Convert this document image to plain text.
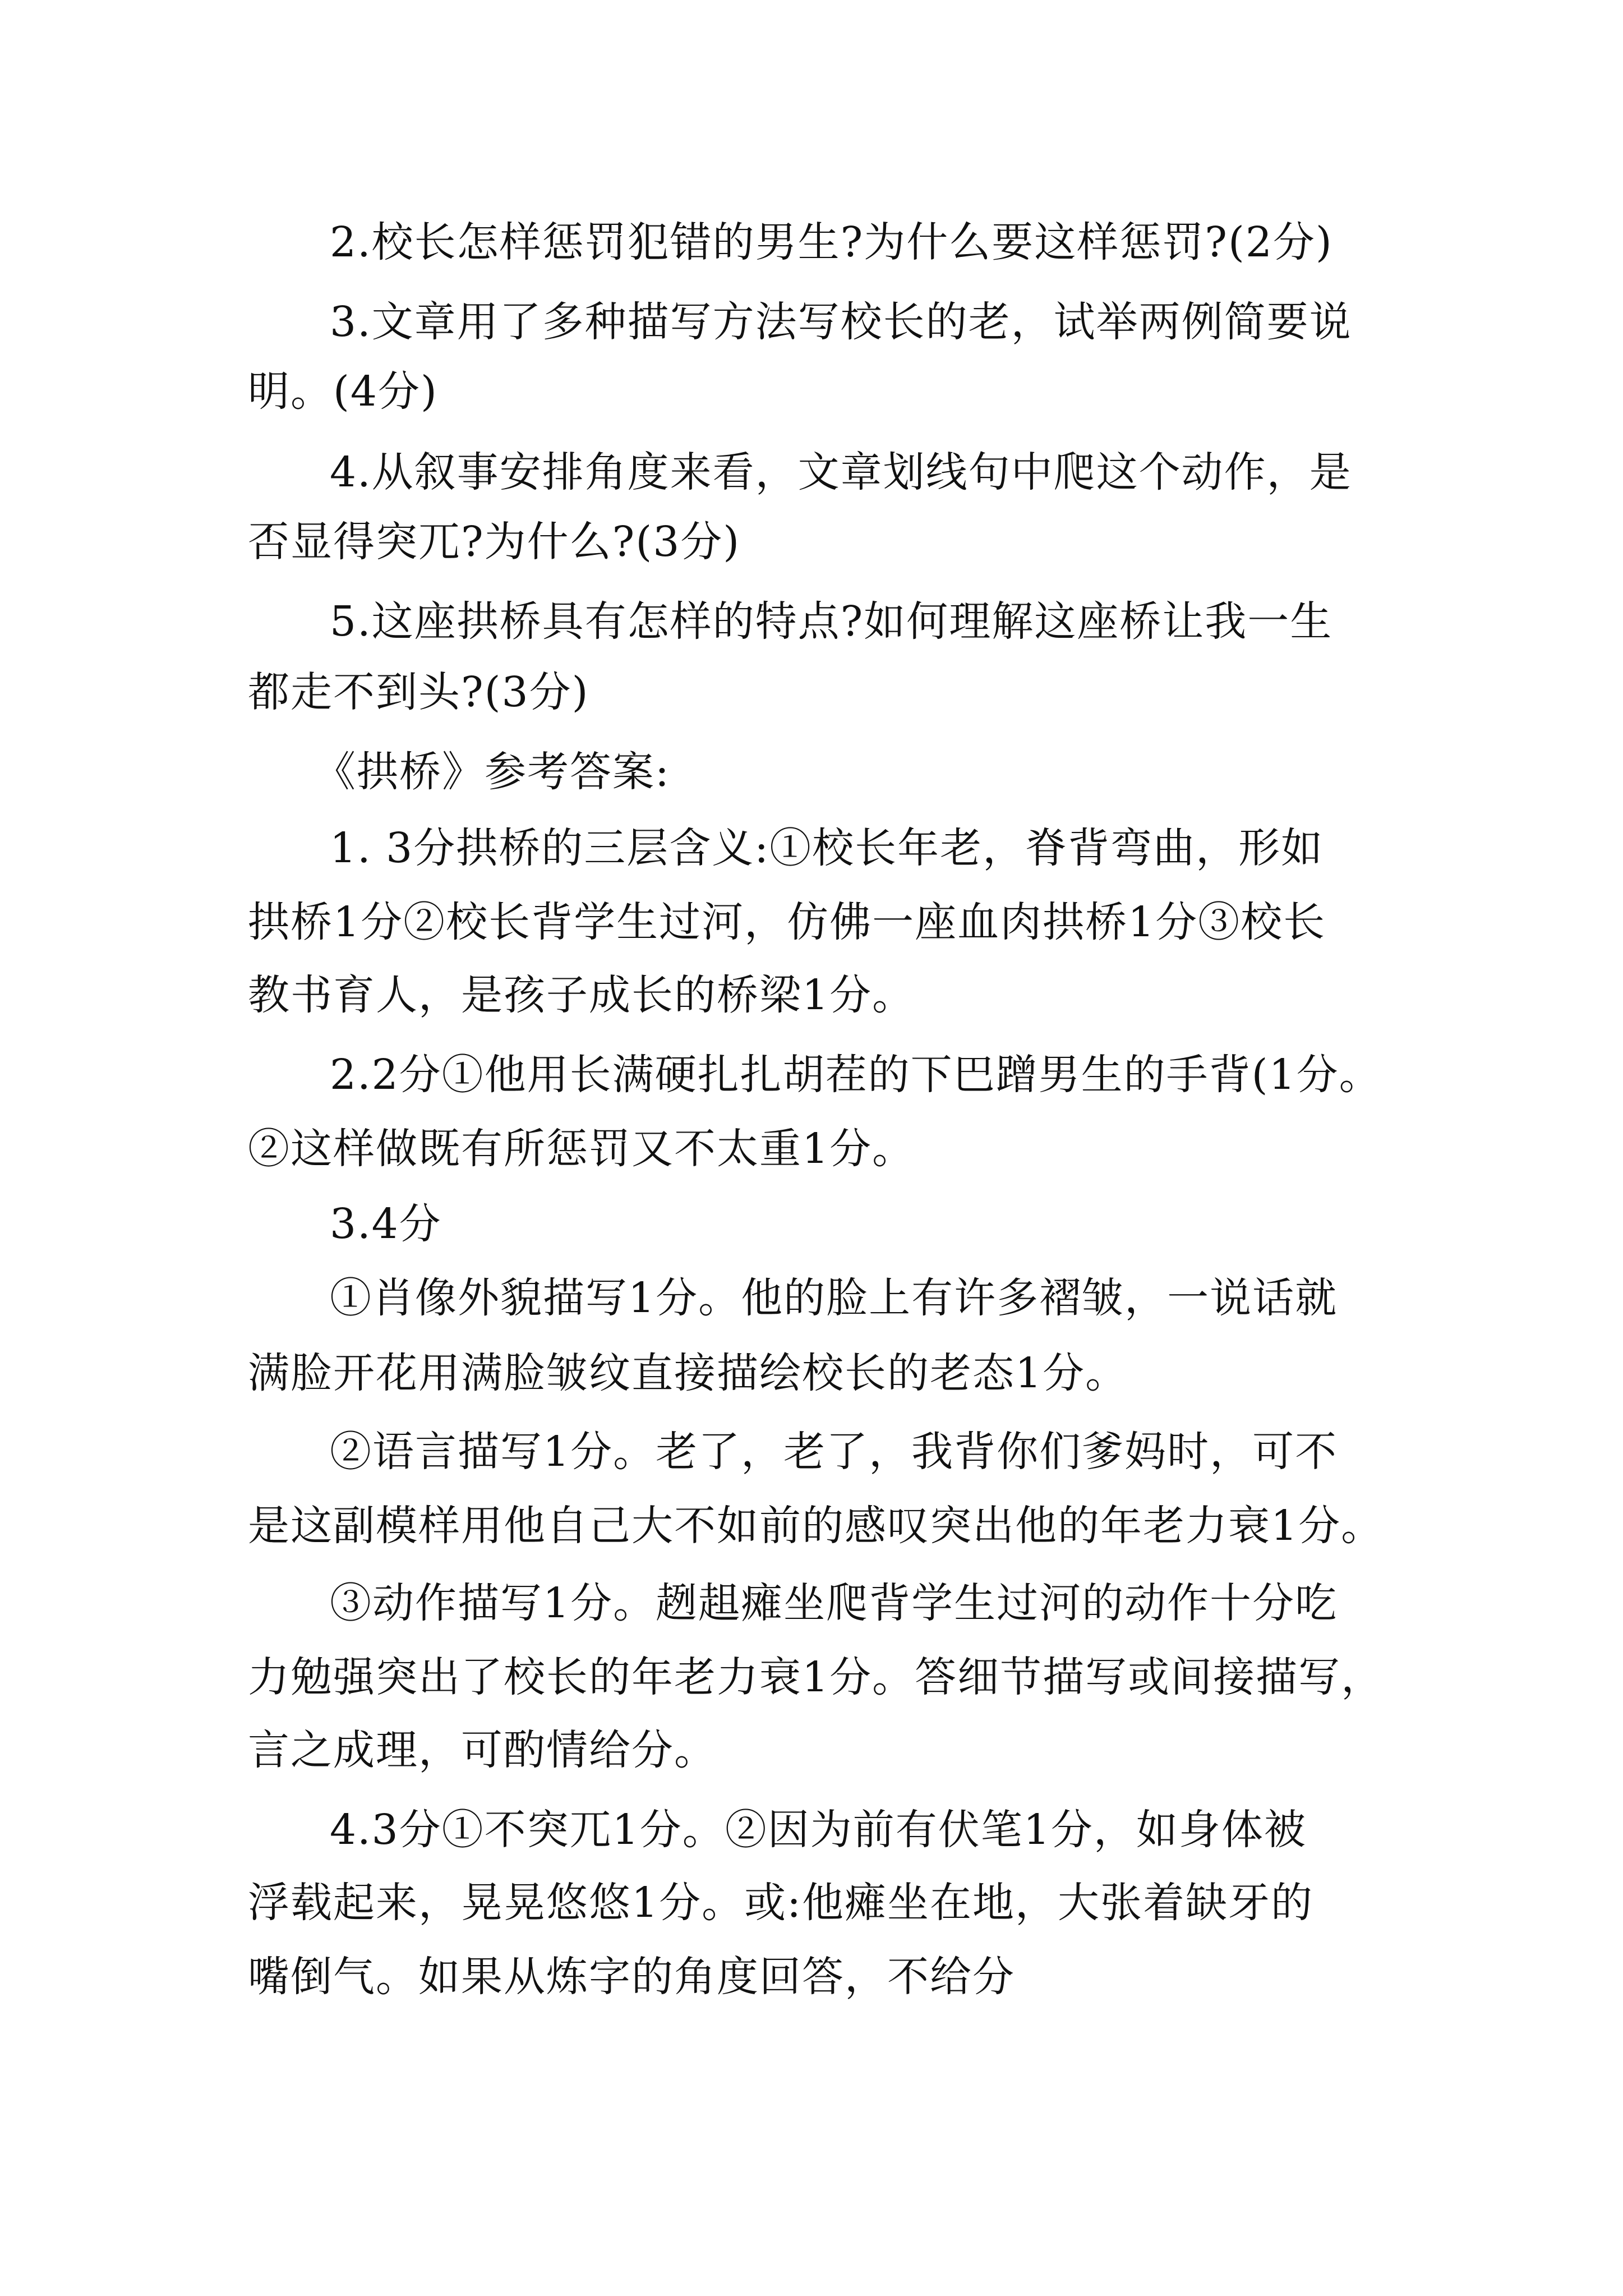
2.校长怎样惩罚犯错的男生?为什么要这样惩罚?(2分)
3.文章用了多种描写方法写校长的老，试举两例简要说
明。(4分)
4.从叙事安排角度来看，文章划线句中爬这个动作，是
否显得突兀?为什么?(3分)
5.这座拱桥具有怎样的特点?如何理解这座桥让我一生
都走不到头?(3分)
《拱桥》参考答案:
1. 3分拱桥的三层含义:①校长年老，脊背弯曲，形如
拱桥1分②校长背学生过河，仿佛一座血肉拱桥1分③校长
教书育人，是孩子成长的桥梁1分。
2.2分①他用长满硬扎扎胡茬的下巴蹭男生的手背(1分。
②这样做既有所惩罚又不太重1分。
3.4分
①肖像外貌描写1分。他的脸上有许多褶皱，一说话就
满脸开花用满脸皱纹直接描绘校长的老态1分。
②语言描写1分。老了，老了，我背你们爹妈时，可不
是这副模样用他自己大不如前的感叹突出他的年老力衰1分。
③动作描写1分。趔趄瘫坐爬背学生过河的动作十分吃
力勉强突出了校长的年老力衰1分。答细节描写或间接描写，
言之成理，可酌情给分。
4.3分①不突兀1分。②因为前有伏笔1分，如身体被
浮载起来，晃晃悠悠1分。或:他瘫坐在地，大张着缺牙的
嘴倒气。如果从炼字的角度回答，不给分
